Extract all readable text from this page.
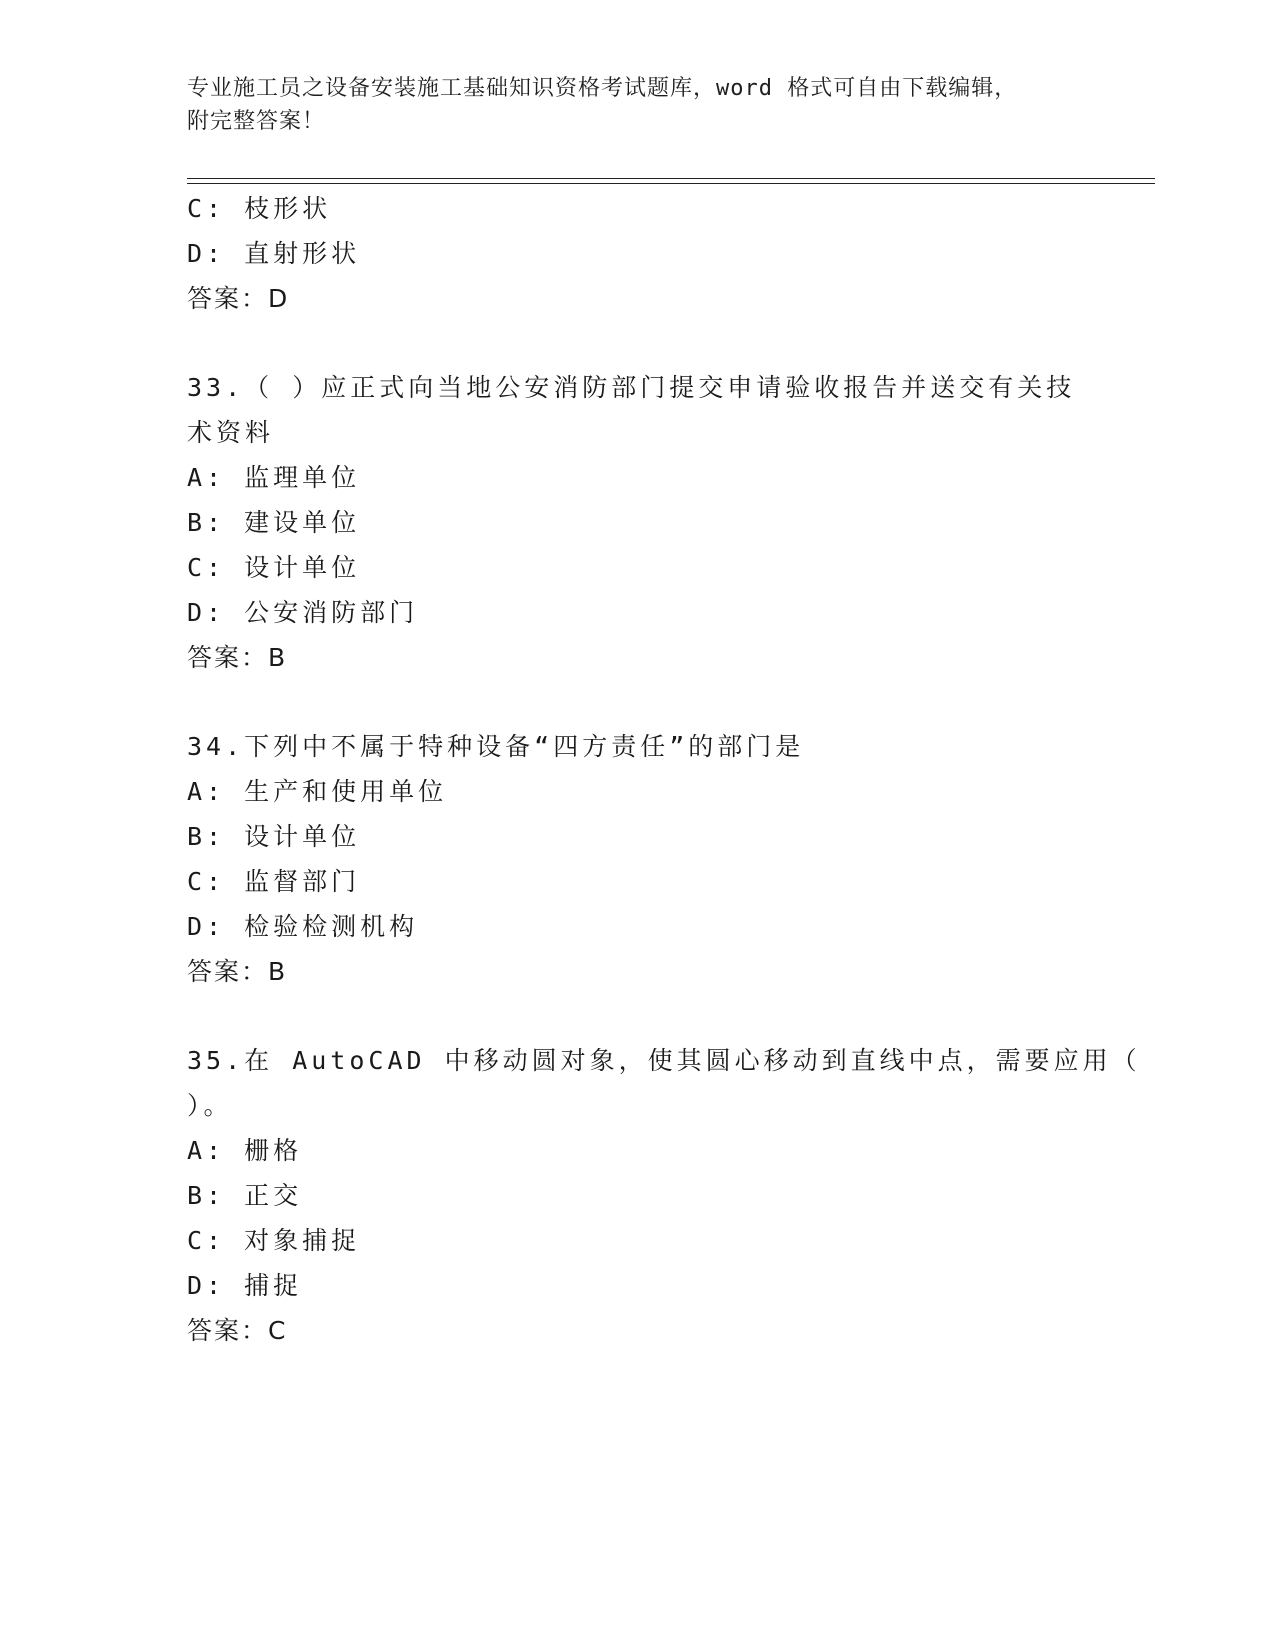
专业施工员之设备安装施工基础知识资格考试题库，word 格式可自由下载编辑，
附完整答案！
C: 枝形状
D: 直射形状
答案：D
33.（ ）应正式向当地公安消防部门提交申请验收报告并送交有关技
术资料
A: 监理单位
B: 建设单位
C: 设计单位
D: 公安消防部门
答案：B
34.下列中不属于特种设备“四方责任”的部门是
A: 生产和使用单位
B: 设计单位
C: 监督部门
D: 检验检测机构
答案：B
35.在 AutoCAD 中移动圆对象，使其圆心移动到直线中点，需要应用（
）。
A: 栅格
B: 正交
C: 对象捕捉
D: 捕捉
答案：C
